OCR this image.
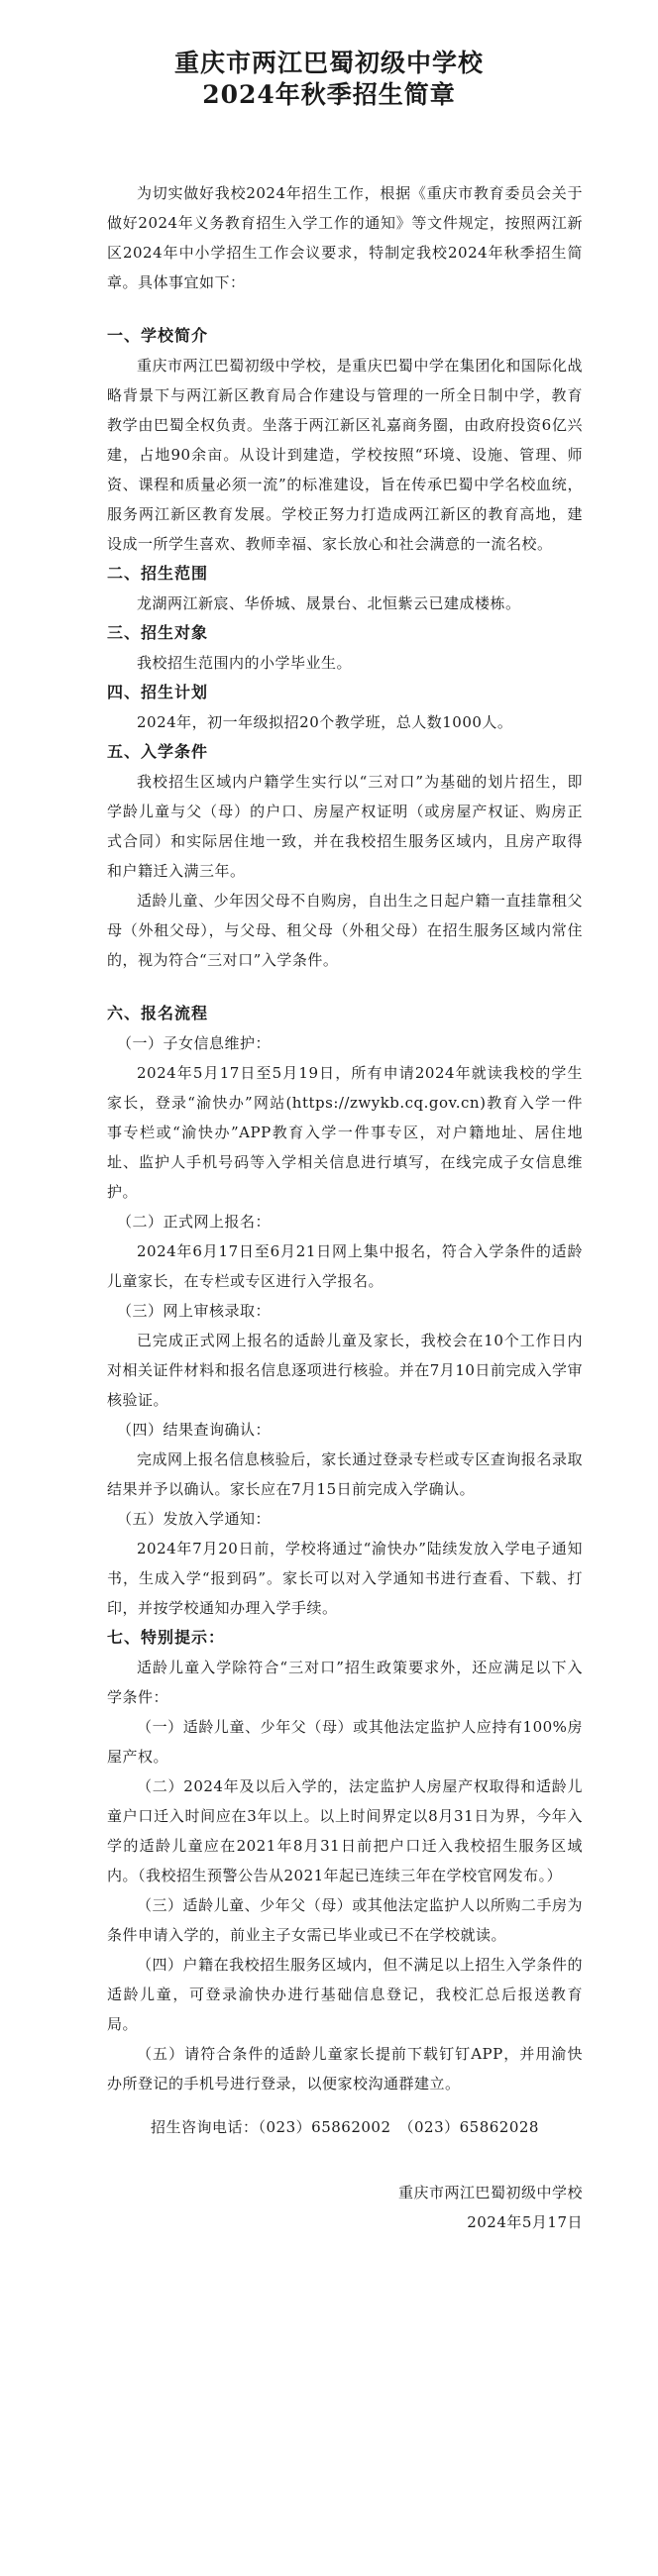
重庆市两江巴蜀初级中学校
2024年秋季招生简章

为切实做好我校2024年招生工作，根据《重庆市教育委员会关于做好2024年义务教育招生入学工作的通知》等文件规定，按照两江新区2024年中小学招生工作会议要求，特制定我校2024年秋季招生简章。具体事宜如下：

一、学校简介

重庆市两江巴蜀初级中学校，是重庆巴蜀中学在集团化和国际化战略背景下与两江新区教育局合作建设与管理的一所全日制中学，教育教学由巴蜀全权负责。坐落于两江新区礼嘉商务圈，由政府投资6亿兴建，占地90余亩。从设计到建造，学校按照“环境、设施、管理、师资、课程和质量必须一流”的标准建设，旨在传承巴蜀中学名校血统，服务两江新区教育发展。学校正努力打造成两江新区的教育高地，建设成一所学生喜欢、教师幸福、家长放心和社会满意的一流名校。

二、招生范围

龙湖两江新宸、华侨城、晟景台、北恒紫云已建成楼栋。

三、招生对象

我校招生范围内的小学毕业生。

四、招生计划

2024年，初一年级拟招20个教学班，总人数1000人。

五、入学条件

我校招生区域内户籍学生实行以“三对口”为基础的划片招生，即学龄儿童与父（母）的户口、房屋产权证明（或房屋产权证、购房正式合同）和实际居住地一致，并在我校招生服务区域内，且房产取得和户籍迁入满三年。

适龄儿童、少年因父母不自购房，自出生之日起户籍一直挂靠租父母（外租父母），与父母、租父母（外租父母）在招生服务区域内常住的，视为符合“三对口”入学条件。

六、报名流程

（一）子女信息维护：

2024年5月17日至5月19日，所有申请2024年就读我校的学生家长，登录“渝快办”网站(https://zwykb.cq.gov.cn)教育入学一件事专栏或“渝快办”APP教育入学一件事专区，对户籍地址、居住地址、监护人手机号码等入学相关信息进行填写，在线完成子女信息维护。

（二）正式网上报名：

2024年6月17日至6月21日网上集中报名，符合入学条件的适龄儿童家长，在专栏或专区进行入学报名。

（三）网上审核录取：

已完成正式网上报名的适龄儿童及家长，我校会在10个工作日内对相关证件材料和报名信息逐项进行核验。并在7月10日前完成入学审核验证。

（四）结果查询确认：

完成网上报名信息核验后，家长通过登录专栏或专区查询报名录取结果并予以确认。家长应在7月15日前完成入学确认。

（五）发放入学通知：

2024年7月20日前，学校将通过“渝快办”陆续发放入学电子通知书，生成入学“报到码”。家长可以对入学通知书进行查看、下载、打印，并按学校通知办理入学手续。

七、特别提示：

适龄儿童入学除符合“三对口”招生政策要求外，还应满足以下入学条件：

（一）适龄儿童、少年父（母）或其他法定监护人应持有100%房屋产权。

（二）2024年及以后入学的，法定监护人房屋产权取得和适龄儿童户口迁入时间应在3年以上。以上时间界定以8月31日为界，今年入学的适龄儿童应在2021年8月31日前把户口迁入我校招生服务区域内。（我校招生预警公告从2021年起已连续三年在学校官网发布。）

（三）适龄儿童、少年父（母）或其他法定监护人以所购二手房为条件申请入学的，前业主子女需已毕业或已不在学校就读。

（四）户籍在我校招生服务区域内，但不满足以上招生入学条件的适龄儿童，可登录渝快办进行基础信息登记，我校汇总后报送教育局。

（五）请符合条件的适龄儿童家长提前下载钉钉APP，并用渝快办所登记的手机号进行登录，以便家校沟通群建立。

招生咨询电话：（023）65862002　（023）65862028

重庆市两江巴蜀初级中学校

2024年5月17日
